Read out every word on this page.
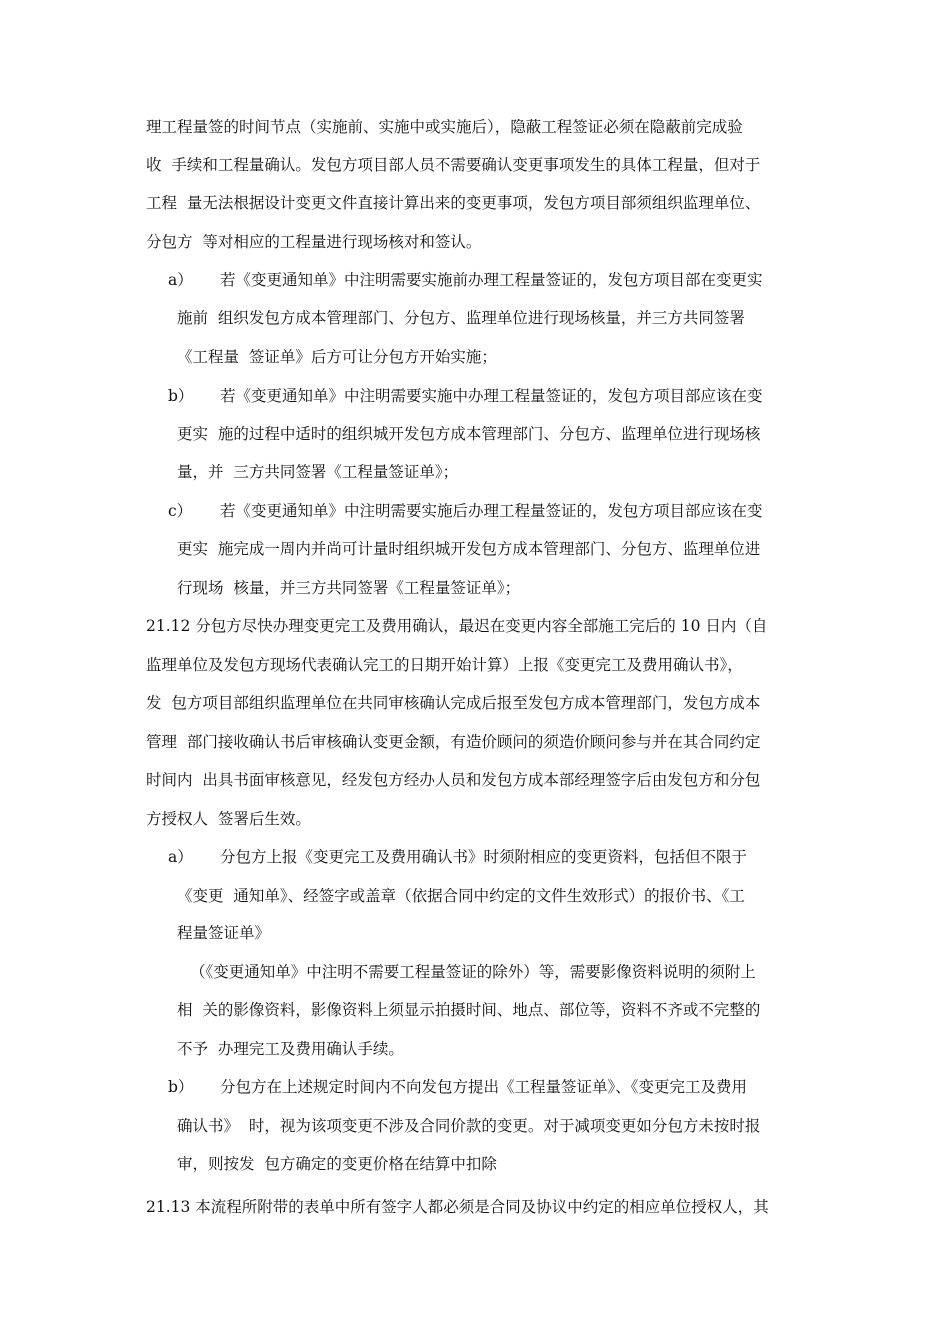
理工程量签的时间节点（实施前、实施中或实施后），隐蔽工程签证必须在隐蔽前完成验
收  手续和工程量确认。发包方项目部人员不需要确认变更事项发生的具体工程量，但对于
工程  量无法根据设计变更文件直接计算出来的变更事项，发包方项目部须组织监理单位、
分包方  等对相应的工程量进行现场核对和签认。
a） 若《变更通知单》中注明需要实施前办理工程量签证的，发包方项目部在变更实
施前  组织发包方成本管理部门、分包方、监理单位进行现场核量，并三方共同签署
《工程量  签证单》后方可让分包方开始实施；
b） 若《变更通知单》中注明需要实施中办理工程量签证的，发包方项目部应该在变
更实  施的过程中适时的组织城开发包方成本管理部门、分包方、监理单位进行现场核
量，并  三方共同签署《工程量签证单》；
c） 若《变更通知单》中注明需要实施后办理工程量签证的，发包方项目部应该在变
更实  施完成一周内并尚可计量时组织城开发包方成本管理部门、分包方、监理单位进
行现场  核量，并三方共同签署《工程量签证单》；
21.12 分包方尽快办理变更完工及费用确认，最迟在变更内容全部施工完后的 10 日内（自
监理单位及发包方现场代表确认完工的日期开始计算）上报《变更完工及费用确认书》，
发  包方项目部组织监理单位在共同审核确认完成后报至发包方成本管理部门，发包方成本
管理  部门接收确认书后审核确认变更金额，有造价顾问的须造价顾问参与并在其合同约定
时间内  出具书面审核意见，经发包方经办人员和发包方成本部经理签字后由发包方和分包
方授权人  签署后生效。
a） 分包方上报《变更完工及费用确认书》时须附相应的变更资料，包括但不限于
《变更  通知单》、经签字或盖章（依据合同中约定的文件生效形式）的报价书、《工
程量签证单》
（《变更通知单》中注明不需要工程量签证的除外）等，需要影像资料说明的须附上
相  关的影像资料，影像资料上须显示拍摄时间、地点、部位等，资料不齐或不完整的
不予  办理完工及费用确认手续。
b） 分包方在上述规定时间内不向发包方提出《工程量签证单》、《变更完工及费用
确认书》  时，视为该项变更不涉及合同价款的变更。对于减项变更如分包方未按时报
审，则按发  包方确定的变更价格在结算中扣除
21.13 本流程所附带的表单中所有签字人都必须是合同及协议中约定的相应单位授权人，其
